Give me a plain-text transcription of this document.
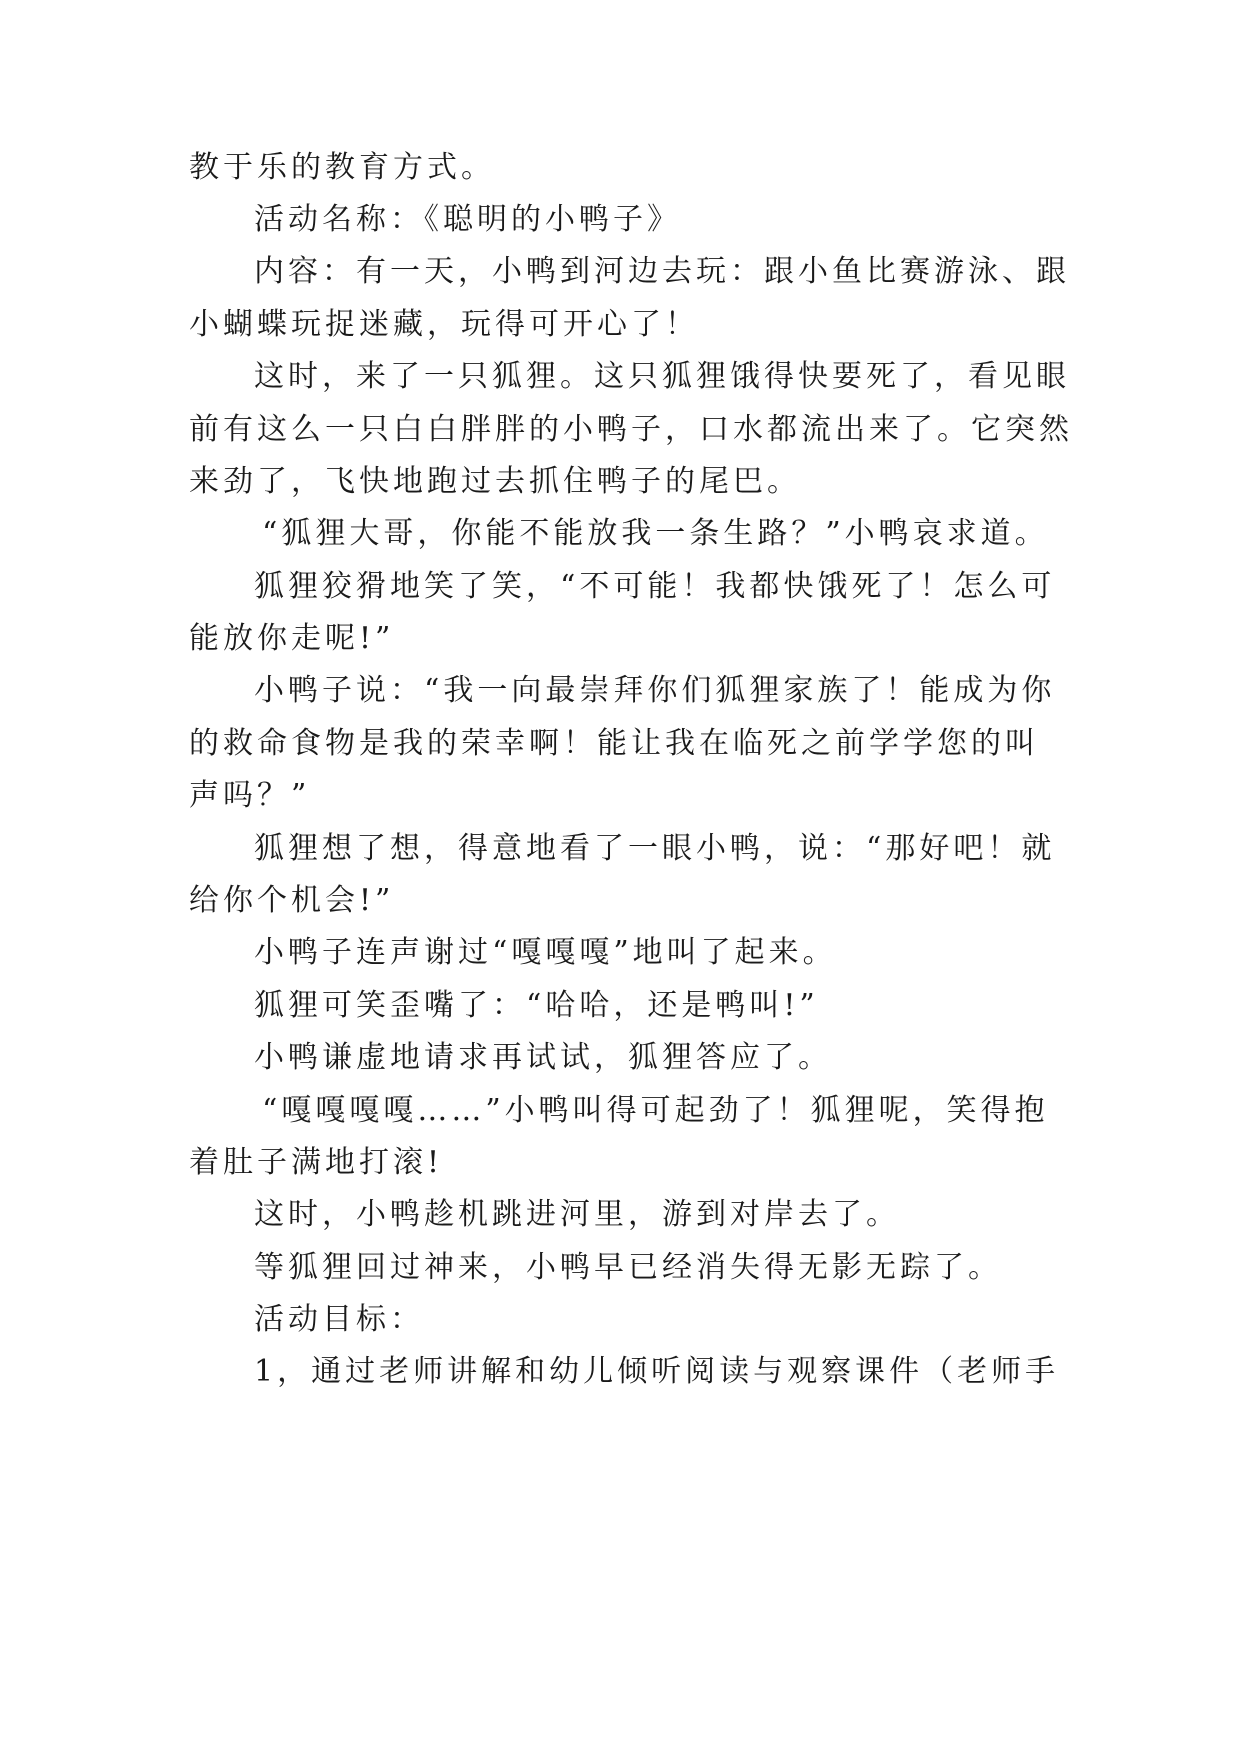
教于乐的教育方式。
活动名称：《聪明的小鸭子》
内容：有一天，小鸭到河边去玩：跟小鱼比赛游泳、跟
小蝴蝶玩捉迷藏，玩得可开心了！
这时，来了一只狐狸。这只狐狸饿得快要死了，看见眼
前有这么一只白白胖胖的小鸭子，口水都流出来了。它突然
来劲了，飞快地跑过去抓住鸭子的尾巴。
“狐狸大哥，你能不能放我一条生路？”小鸭哀求道。
狐狸狡猾地笑了笑，“不可能！我都快饿死了！怎么可
能放你走呢!”
小鸭子说：“我一向最崇拜你们狐狸家族了！能成为你
的救命食物是我的荣幸啊！能让我在临死之前学学您的叫
声吗？”
狐狸想了想，得意地看了一眼小鸭，说：“那好吧！就
给你个机会!”
小鸭子连声谢过“嘎嘎嘎”地叫了起来。
狐狸可笑歪嘴了：“哈哈，还是鸭叫!”
小鸭谦虚地请求再试试，狐狸答应了。
“嘎嘎嘎嘎……”小鸭叫得可起劲了！狐狸呢，笑得抱
着肚子满地打滚!
这时，小鸭趁机跳进河里，游到对岸去了。
等狐狸回过神来，小鸭早已经消失得无影无踪了。
活动目标：
1，通过老师讲解和幼儿倾听阅读与观察课件（老师手
